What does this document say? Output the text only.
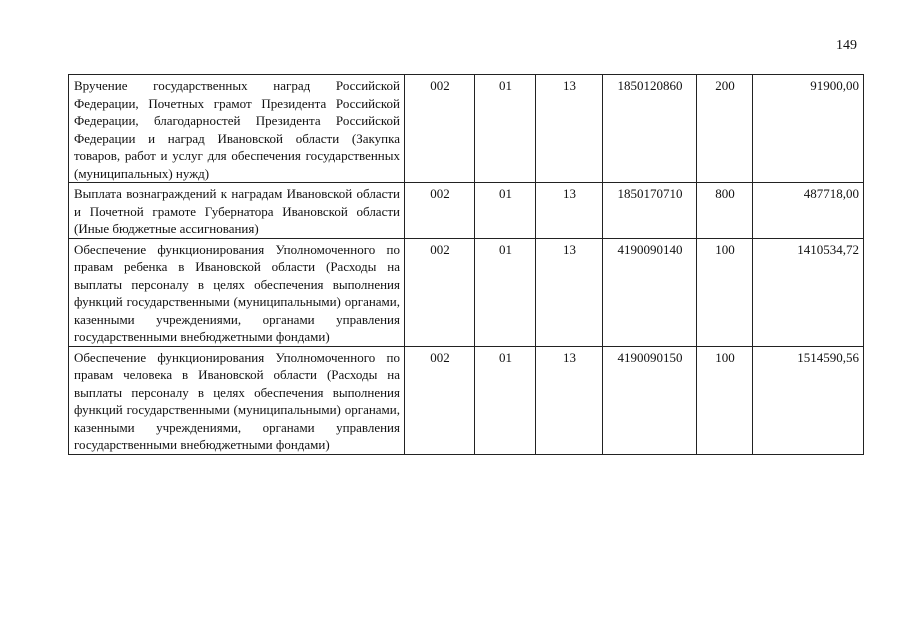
149
Вручение государственных наград Российской Федерации, Почетных грамот Президента Российской Федерации, благодарностей Президента Российской Федерации и наград Ивановской области (Закупка товаров, работ и услуг для обеспечения государственных (муниципальных) нужд)	002	01	13	1850120860	200	91900,00
Выплата вознаграждений к наградам Ивановской области и Почетной грамоте Губернатора Ивановской области (Иные бюджетные ассигнования)	002	01	13	1850170710	800	487718,00
Обеспечение функционирования Уполномоченного по правам ребенка в Ивановской области (Расходы на выплаты персоналу в целях обеспечения выполнения функций государственными (муниципальными) органами, казенными учреждениями, органами управления государственными внебюджетными фондами)	002	01	13	4190090140	100	1410534,72
Обеспечение функционирования Уполномоченного по правам человека в Ивановской области (Расходы на выплаты персоналу в целях обеспечения выполнения функций государственными (муниципальными) органами, казенными учреждениями, органами управления государственными внебюджетными фондами)	002	01	13	4190090150	100	1514590,56
